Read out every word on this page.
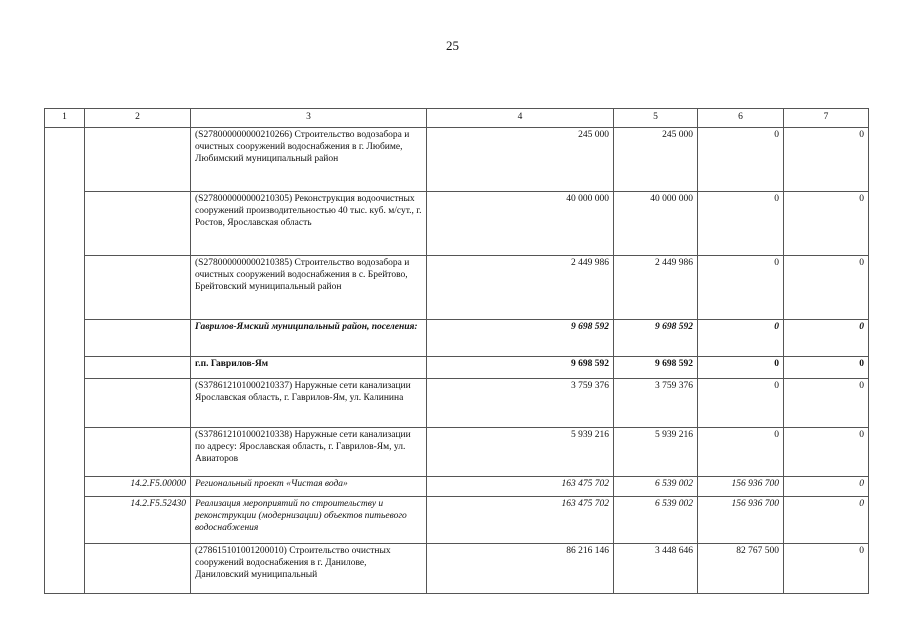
25
1	2	3	4	5	6	7
		(S278000000000210266) Строительство водозабора и очистных сооружений водоснабжения в г. Любиме, Любимский муниципальный район	245 000	245 000	0	0
		(S278000000000210305) Реконструкция водоочистных сооружений производительностью 40 тыс. куб. м/сут., г. Ростов, Ярославская область	40 000 000	40 000 000	0	0
		(S278000000000210385) Строительство водозабора и очистных сооружений водоснабжения в с. Брейтово, Брейтовский муниципальный район	2 449 986	2 449 986	0	0
		Гаврилов-Ямский муниципальный район, поселения:	9 698 592	9 698 592	0	0
		г.п. Гаврилов-Ям	9 698 592	9 698 592	0	0
		(S378612101000210337) Наружные сети канализации Ярославская область, г. Гаврилов-Ям, ул. Калинина	3 759 376	3 759 376	0	0
		(S378612101000210338) Наружные сети канализации по адресу: Ярославская область, г. Гаврилов-Ям, ул. Авиаторов	5 939 216	5 939 216	0	0
	14.2.F5.00000	Региональный проект «Чистая вода»	163 475 702	6 539 002	156 936 700	0
	14.2.F5.52430	Реализация мероприятий по строительству и реконструкции (модернизации) объектов питьевого водоснабжения	163 475 702	6 539 002	156 936 700	0
		(278615101001200010) Строительство очистных сооружений водоснабжения в г. Данилове, Даниловский муниципальный	86 216 146	3 448 646	82 767 500	0
